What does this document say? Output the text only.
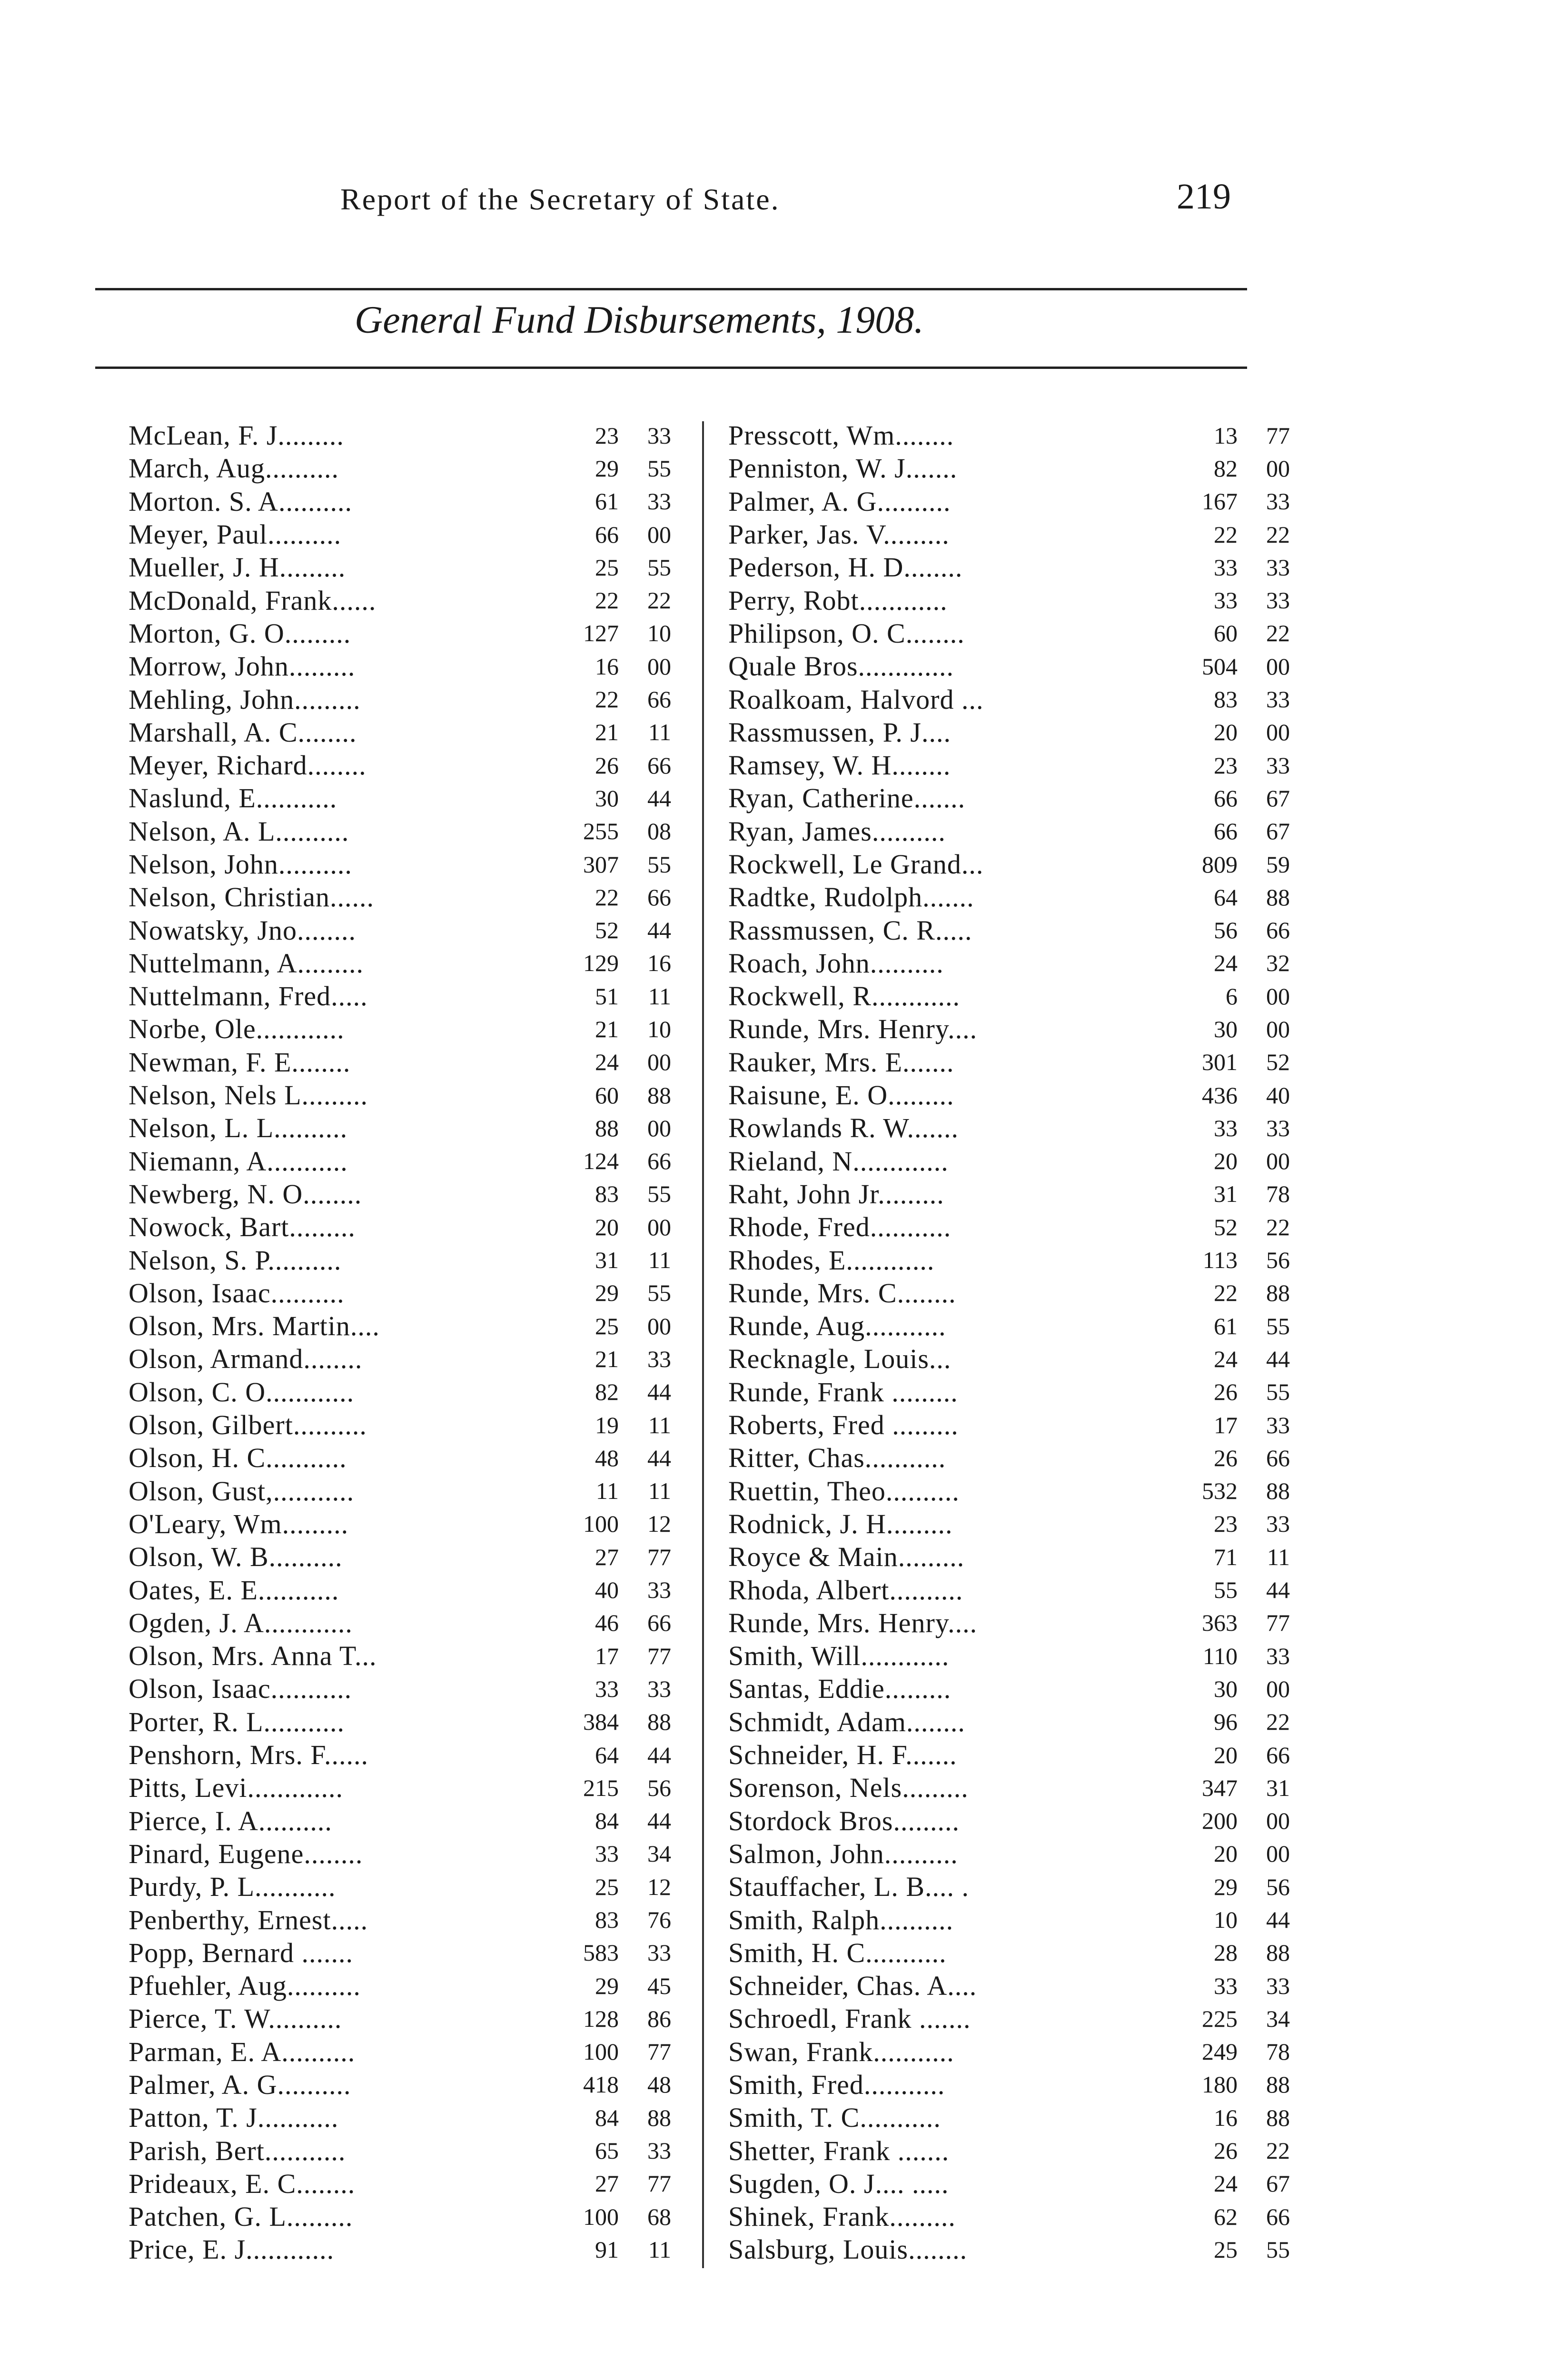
Report of the Secretary of State.	219
General Fund Disbursements, 1908.
McLean, F. J.........	23	33
March, Aug..........	29	55
Morton. S. A..........	61	33
Meyer, Paul..........	66	00
Mueller, J. H.........	25	55
McDonald, Frank......	22	22
Morton, G. O.........	127	10
Morrow, John.........	16	00
Mehling, John.........	22	66
Marshall, A. C........	21	11
Meyer, Richard........	26	66
Naslund, E...........	30	44
Nelson, A. L..........	255	08
Nelson, John..........	307	55
Nelson, Christian......	22	66
Nowatsky, Jno........	52	44
Nuttelmann, A.........	129	16
Nuttelmann, Fred.....	51	11
Norbe, Ole............	21	10
Newman, F. E........	24	00
Nelson, Nels L.........	60	88
Nelson, L. L..........	88	00
Niemann, A...........	124	66
Newberg, N. O........	83	55
Nowock, Bart.........	20	00
Nelson, S. P..........	31	11
Olson, Isaac..........	29	55
Olson, Mrs. Martin....	25	00
Olson, Armand........	21	33
Olson, C. O............	82	44
Olson, Gilbert..........	19	11
Olson, H. C...........	48	44
Olson, Gust,...........	11	11
O'Leary, Wm.........	100	12
Olson, W. B..........	27	77
Oates, E. E...........	40	33
Ogden, J. A............	46	66
Olson, Mrs. Anna T...	17	77
Olson, Isaac...........	33	33
Porter, R. L...........	384	88
Penshorn, Mrs. F......	64	44
Pitts, Levi.............	215	56
Pierce, I. A..........	84	44
Pinard, Eugene........	33	34
Purdy, P. L...........	25	12
Penberthy, Ernest.....	83	76
Popp, Bernard .......	583	33
Pfuehler, Aug..........	29	45
Pierce, T. W..........	128	86
Parman, E. A..........	100	77
Palmer, A. G..........	418	48
Patton, T. J...........	84	88
Parish, Bert...........	65	33
Prideaux, E. C........	27	77
Patchen, G. L.........	100	68
Price, E. J............	91	11
Presscott, Wm........	13	77
Penniston, W. J.......	82	00
Palmer, A. G..........	167	33
Parker, Jas. V.........	22	22
Pederson, H. D........	33	33
Perry, Robt............	33	33
Philipson, O. C........	60	22
Quale Bros.............	504	00
Roalkoam, Halvord ...	83	33
Rassmussen, P. J....	20	00
Ramsey, W. H........	23	33
Ryan, Catherine.......	66	67
Ryan, James..........	66	67
Rockwell, Le Grand...	809	59
Radtke, Rudolph.......	64	88
Rassmussen, C. R.....	56	66
Roach, John..........	24	32
Rockwell, R............	6	00
Runde, Mrs. Henry....	30	00
Rauker, Mrs. E.......	301	52
Raisune, E. O.........	436	40
Rowlands R. W.......	33	33
Rieland, N.............	20	00
Raht, John Jr.........	31	78
Rhode, Fred...........	52	22
Rhodes, E............	113	56
Runde, Mrs. C........	22	88
Runde, Aug...........	61	55
Recknagle, Louis...	24	44
Runde, Frank .........	26	55
Roberts, Fred .........	17	33
Ritter, Chas...........	26	66
Ruettin, Theo..........	532	88
Rodnick, J. H.........	23	33
Royce & Main.........	71	11
Rhoda, Albert..........	55	44
Runde, Mrs. Henry....	363	77
Smith, Will............	110	33
Santas, Eddie.........	30	00
Schmidt, Adam........	96	22
Schneider, H. F.......	20	66
Sorenson, Nels.........	347	31
Stordock Bros.........	200	00
Salmon, John..........	20	00
Stauffacher, L. B.... .	29	56
Smith, Ralph..........	10	44
Smith, H. C...........	28	88
Schneider, Chas. A....	33	33
Schroedl, Frank .......	225	34
Swan, Frank...........	249	78
Smith, Fred...........	180	88
Smith, T. C...........	16	88
Shetter, Frank .......	26	22
Sugden, O. J.... .....	24	67
Shinek, Frank.........	62	66
Salsburg, Louis........	25	55
